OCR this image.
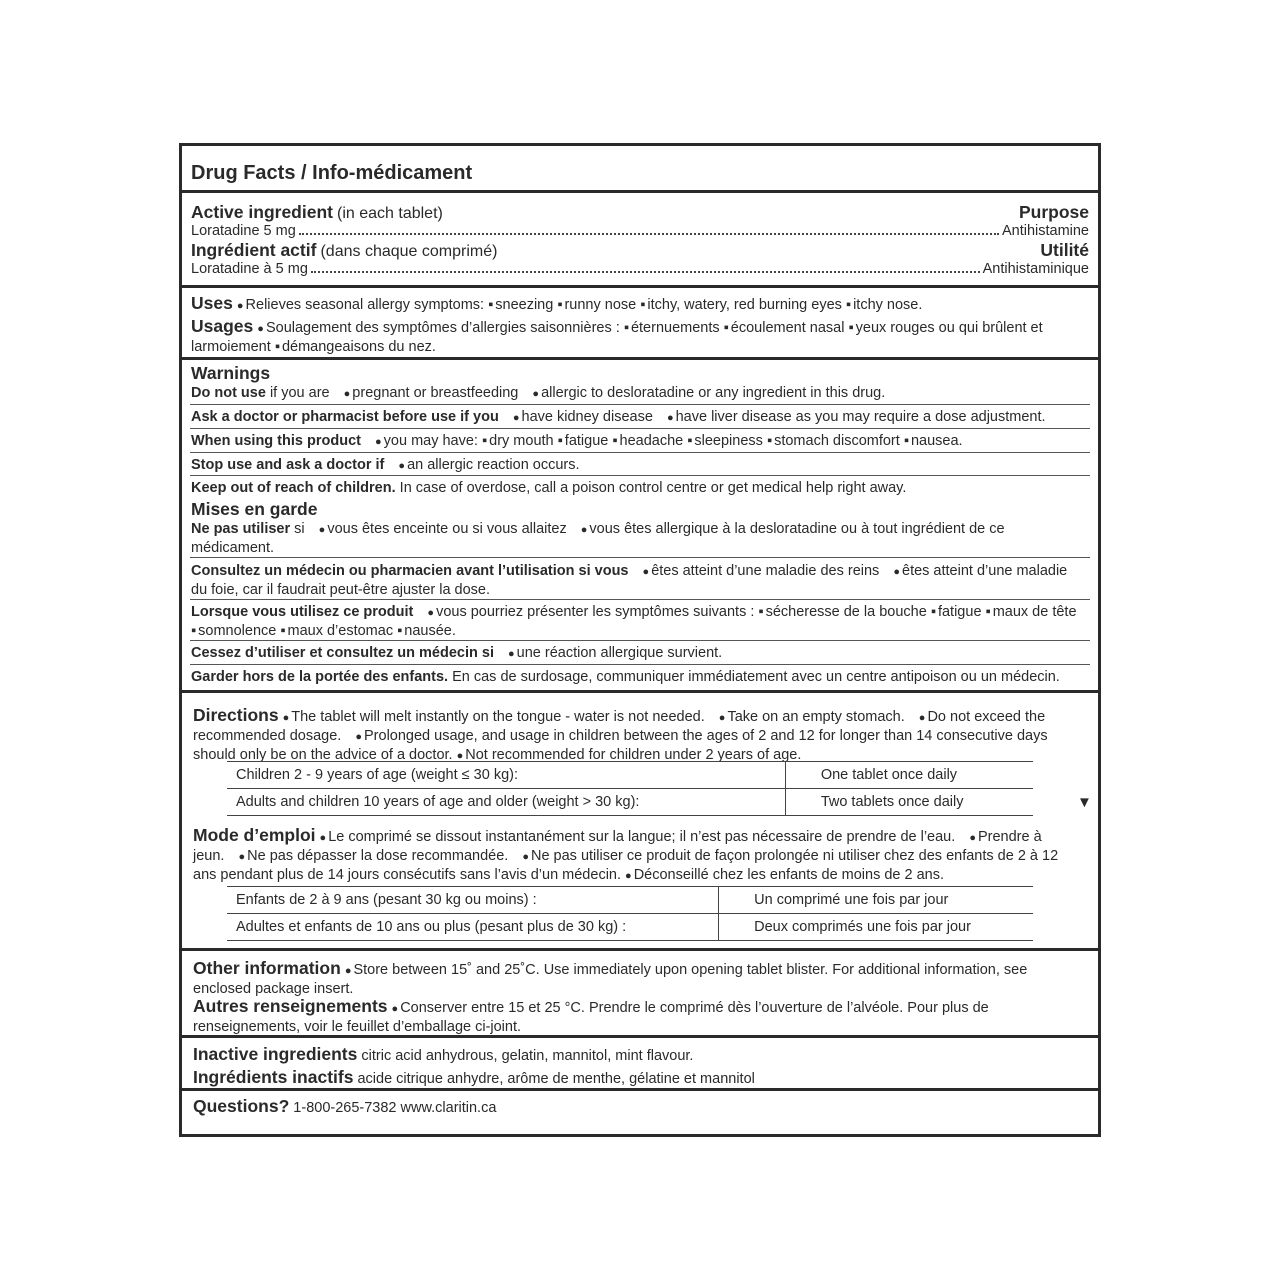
Drug Facts / Info-médicament
Active ingredient (in each tablet)	Purpose
Loratadine 5 mg	Antihistamine
Ingrédient actif (dans chaque comprimé)	Utilité
Loratadine à 5 mg	Antihistaminique
Uses ● Relieves seasonal allergy symptoms: ▪ sneezing ▪ runny nose ▪ itchy, watery, red burning eyes ▪ itchy nose.
Usages ● Soulagement des symptômes d’allergies saisonnières : ▪ éternuements ▪ écoulement nasal ▪ yeux rouges ou qui brûlent et larmoiement ▪ démangeaisons du nez.
Warnings
Do not use if you are ● pregnant or breastfeeding ● allergic to desloratadine or any ingredient in this drug.
Ask a doctor or pharmacist before use if you ● have kidney disease ● have liver disease as you may require a dose adjustment.
When using this product ● you may have: ▪ dry mouth ▪ fatigue ▪ headache ▪ sleepiness ▪ stomach discomfort ▪ nausea.
Stop use and ask a doctor if ● an allergic reaction occurs.
Keep out of reach of children. In case of overdose, call a poison control centre or get medical help right away.
Mises en garde
Ne pas utiliser si ● vous êtes enceinte ou si vous allaitez ● vous êtes allergique à la desloratadine ou à tout ingrédient de ce médicament.
Consultez un médecin ou pharmacien avant l’utilisation si vous ● êtes atteint d’une maladie des reins ● êtes atteint d’une maladie du foie, car il faudrait peut-être ajuster la dose.
Lorsque vous utilisez ce produit ● vous pourriez présenter les symptômes suivants : ▪ sécheresse de la bouche ▪ fatigue ▪ maux de tête ▪ somnolence ▪ maux d’estomac ▪ nausée.
Cessez d’utiliser et consultez un médecin si ● une réaction allergique survient.
Garder hors de la portée des enfants. En cas de surdosage, communiquer immédiatement avec un centre antipoison ou un médecin.
Directions ● The tablet will melt instantly on the tongue - water is not needed. ● Take on an empty stomach. ● Do not exceed the recommended dosage. ● Prolonged usage, and usage in children between the ages of 2 and 12 for longer than 14 consecutive days should only be on the advice of a doctor. ● Not recommended for children under 2 years of age.
Children 2 - 9 years of age (weight ≤ 30 kg):	One tablet once daily
Adults and children 10 years of age and older (weight > 30 kg):	Two tablets once daily	▼
Mode d’emploi ● Le comprimé se dissout instantanément sur la langue; il n’est pas nécessaire de prendre de l’eau. ● Prendre à jeun. ● Ne pas dépasser la dose recommandée. ● Ne pas utiliser ce produit de façon prolongée ni utiliser chez des enfants de 2 à 12 ans pendant plus de 14 jours consécutifs sans l’avis d’un médecin. ● Déconseillé chez les enfants de moins de 2 ans.
Enfants de 2 à 9 ans (pesant 30 kg ou moins) :	Un comprimé une fois par jour
Adultes et enfants de 10 ans ou plus (pesant plus de 30 kg) :	Deux comprimés une fois par jour
Other information ● Store between 15˚ and 25˚C. Use immediately upon opening tablet blister. For additional information, see enclosed package insert.
Autres renseignements ● Conserver entre 15 et 25 °C. Prendre le comprimé dès l’ouverture de l’alvéole. Pour plus de renseignements, voir le feuillet d’emballage ci-joint.
Inactive ingredients citric acid anhydrous, gelatin, mannitol, mint flavour.
Ingrédients inactifs acide citrique anhydre, arôme de menthe, gélatine et mannitol
Questions? 1-800-265-7382 www.claritin.ca
